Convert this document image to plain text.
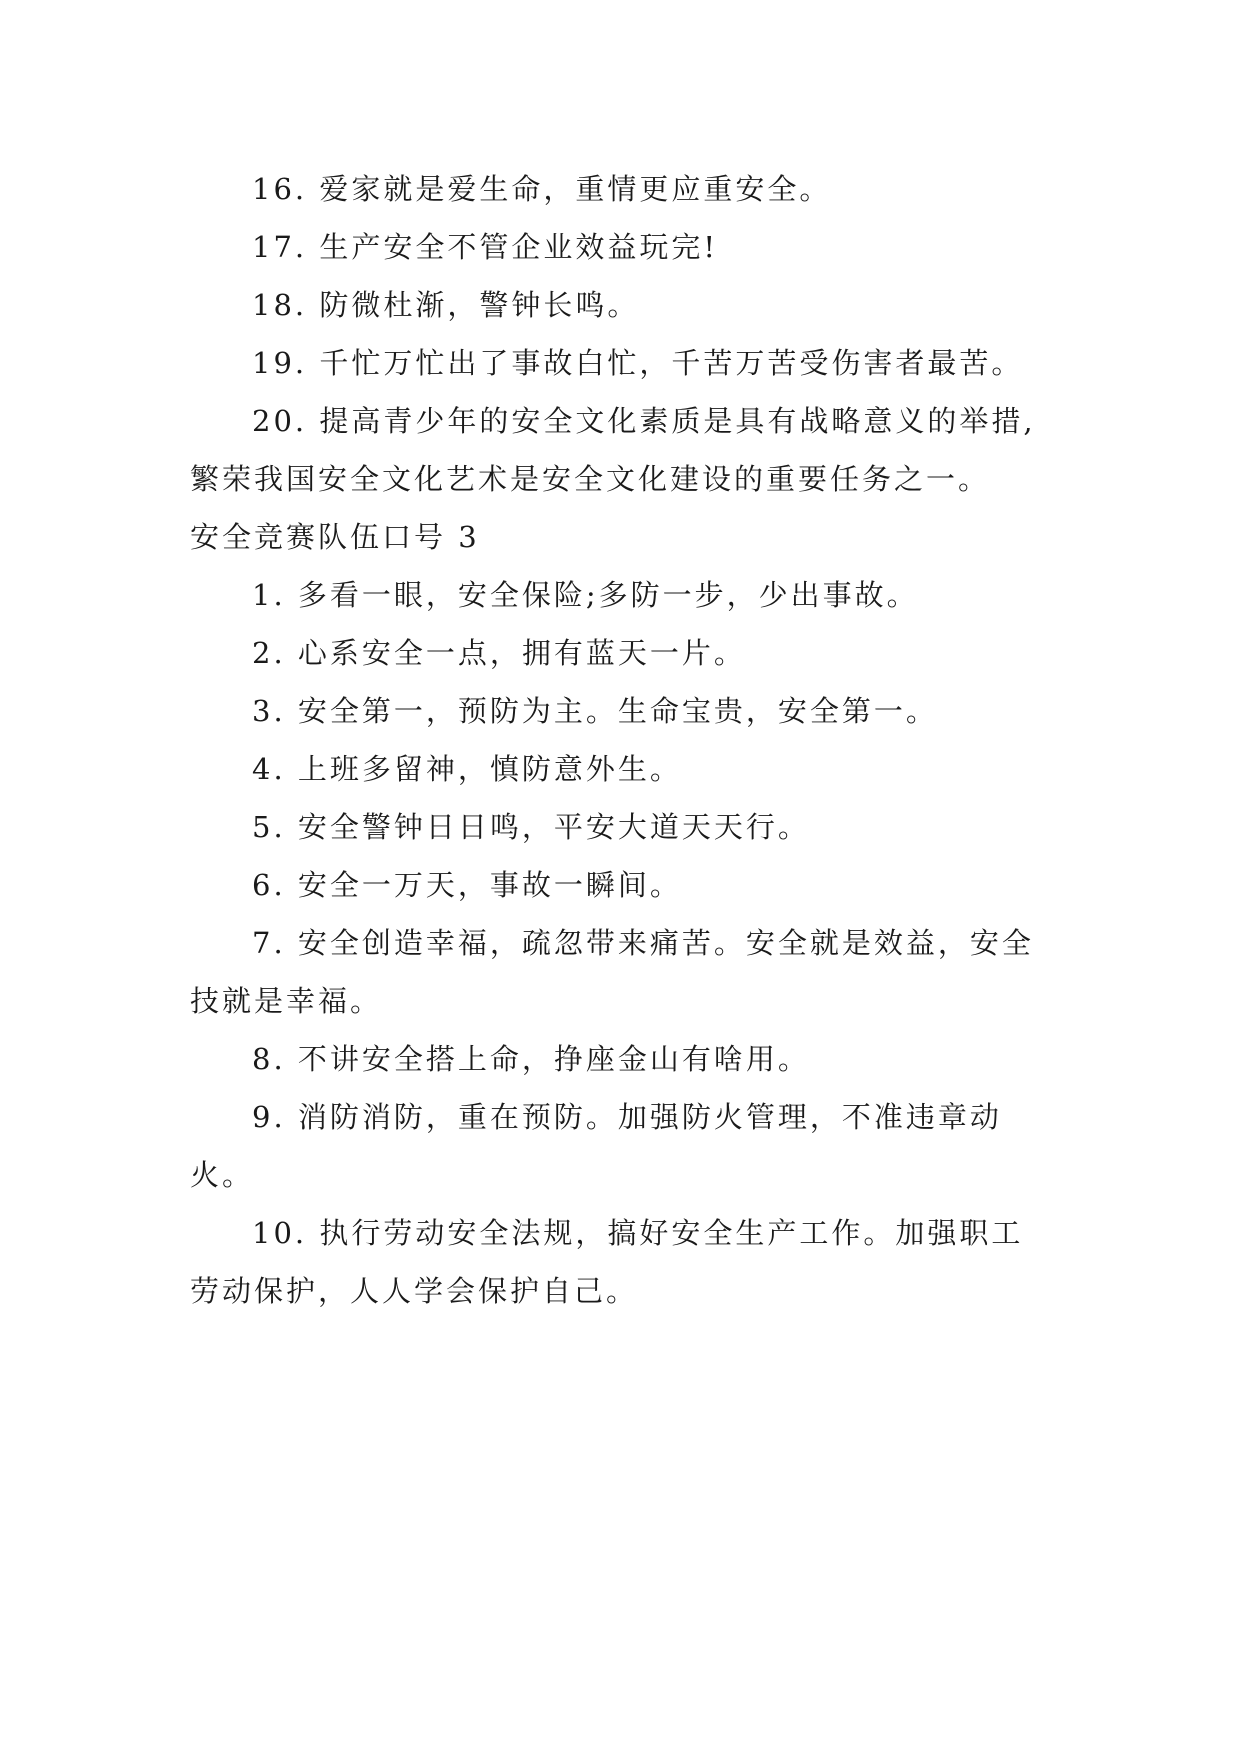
16. 爱家就是爱生命，重情更应重安全。

17. 生产安全不管企业效益玩完!

18. 防微杜渐，警钟长鸣。

19. 千忙万忙出了事故白忙，千苦万苦受伤害者最苦。

20. 提高青少年的安全文化素质是具有战略意义的举措,繁荣我国安全文化艺术是安全文化建设的重要任务之一。

安全竞赛队伍口号 3

1. 多看一眼，安全保险;多防一步，少出事故。

2. 心系安全一点，拥有蓝天一片。

3. 安全第一，预防为主。生命宝贵，安全第一。

4. 上班多留神，慎防意外生。

5. 安全警钟日日鸣，平安大道天天行。

6. 安全一万天，事故一瞬间。

7. 安全创造幸福，疏忽带来痛苦。安全就是效益，安全技就是幸福。

8. 不讲安全搭上命，挣座金山有啥用。

9. 消防消防，重在预防。加强防火管理，不准违章动火。

10. 执行劳动安全法规，搞好安全生产工作。加强职工劳动保护，人人学会保护自己。
